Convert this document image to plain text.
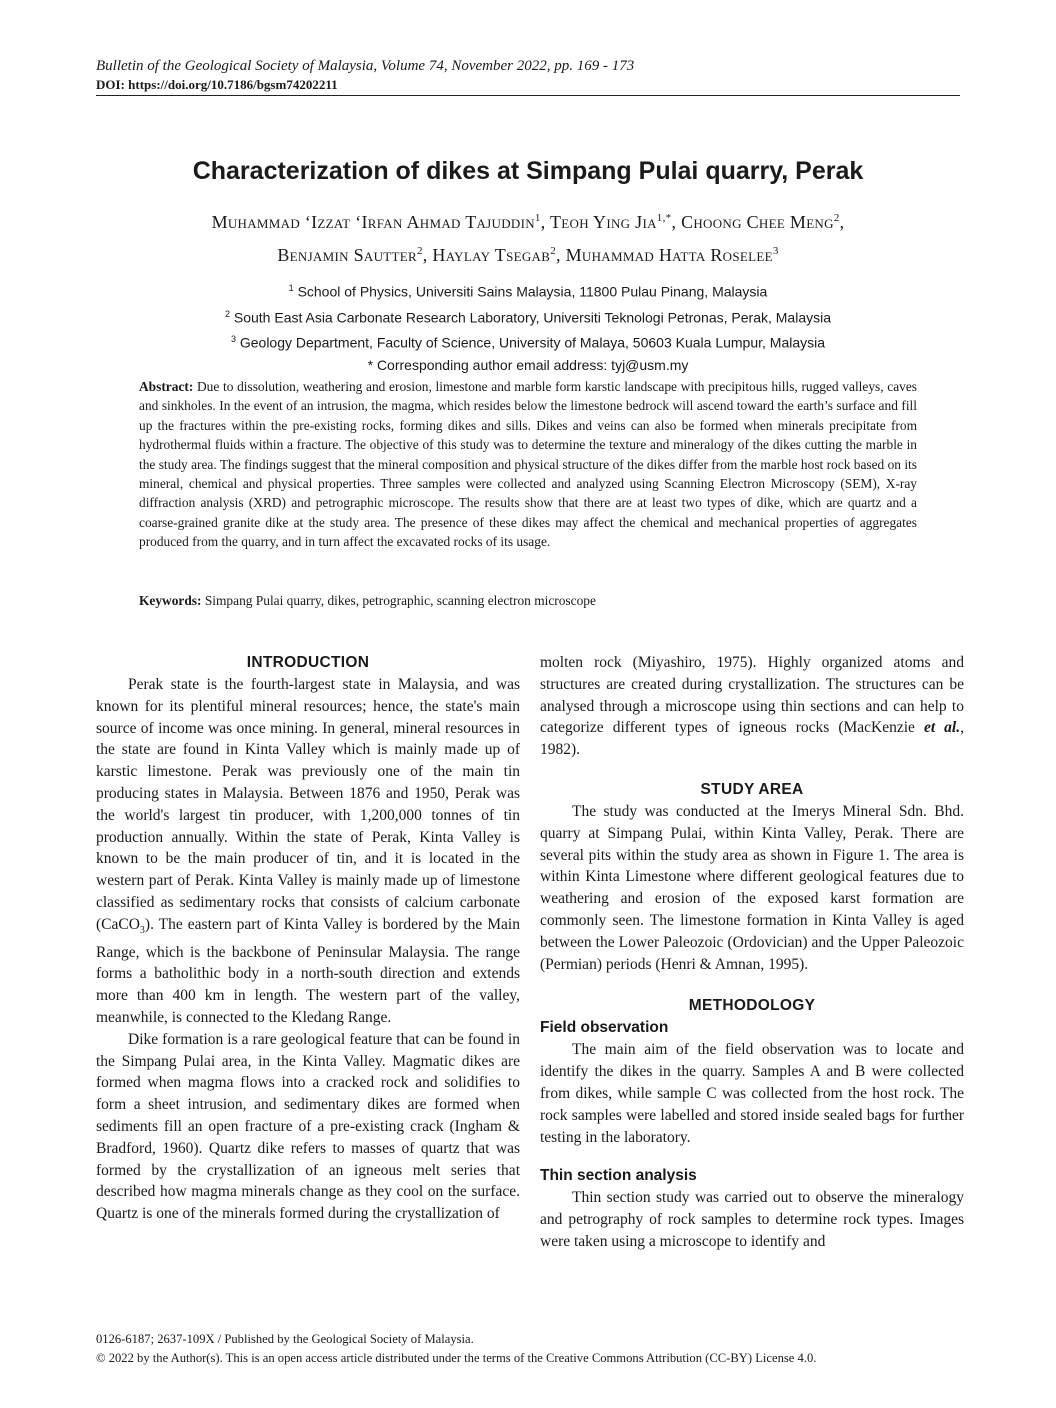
Bulletin of the Geological Society of Malaysia, Volume 74, November 2022, pp. 169 - 173

DOI: https://doi.org/10.7186/bgsm74202211

Characterization of dikes at Simpang Pulai quarry, Perak

Muhammad ‘Izzat ‘Irfan Ahmad Tajuddin$^1$, Teoh Ying Jia$^{1,*}$, Choong Chee Meng$^2$,
Benjamin Sautter$^2$, Haylay Tsegab$^2$, Muhammad Hatta Roselee$^3$

$^1$ School of Physics, Universiti Sains Malaysia, 11800 Pulau Pinang, Malaysia
$^2$ South East Asia Carbonate Research Laboratory, Universiti Teknologi Petronas, Perak, Malaysia
$^3$ Geology Department, Faculty of Science, University of Malaya, 50603 Kuala Lumpur, Malaysia
* Corresponding author email address: tyj@usm.my

Abstract: Due to dissolution, weathering and erosion, limestone and marble form karstic landscape with precipitous hills, rugged valleys, caves and sinkholes. In the event of an intrusion, the magma, which resides below the limestone bedrock will ascend toward the earth’s surface and fill up the fractures within the pre-existing rocks, forming dikes and sills. Dikes and veins can also be formed when minerals precipitate from hydrothermal fluids within a fracture. The objective of this study was to determine the texture and mineralogy of the dikes cutting the marble in the study area. The findings suggest that the mineral composition and physical structure of the dikes differ from the marble host rock based on its mineral, chemical and physical properties. Three samples were collected and analyzed using Scanning Electron Microscopy (SEM), X-ray diffraction analysis (XRD) and petrographic microscope. The results show that there are at least two types of dike, which are quartz and a coarse-grained granite dike at the study area. The presence of these dikes may affect the chemical and mechanical properties of aggregates produced from the quarry, and in turn affect the excavated rocks of its usage.

Keywords: Simpang Pulai quarry, dikes, petrographic, scanning electron microscope

INTRODUCTION

Perak state is the fourth-largest state in Malaysia, and was known for its plentiful mineral resources; hence, the state's main source of income was once mining. In general, mineral resources in the state are found in Kinta Valley which is mainly made up of karstic limestone. Perak was previously one of the main tin producing states in Malaysia. Between 1876 and 1950, Perak was the world's largest tin producer, with 1,200,000 tonnes of tin production annually. Within the state of Perak, Kinta Valley is known to be the main producer of tin, and it is located in the western part of Perak. Kinta Valley is mainly made up of limestone classified as sedimentary rocks that consists of calcium carbonate (CaCO$_3$). The eastern part of Kinta Valley is bordered by the Main Range, which is the backbone of Peninsular Malaysia. The range forms a batholithic body in a north-south direction and extends more than 400 km in length. The western part of the valley, meanwhile, is connected to the Kledang Range.

Dike formation is a rare geological feature that can be found in the Simpang Pulai area, in the Kinta Valley. Magmatic dikes are formed when magma flows into a cracked rock and solidifies to form a sheet intrusion, and sedimentary dikes are formed when sediments fill an open fracture of a pre-existing crack (Ingham & Bradford, 1960). Quartz dike refers to masses of quartz that was formed by the crystallization of an igneous melt series that described how magma minerals change as they cool on the surface. Quartz is one of the minerals formed during the crystallization of

molten rock (Miyashiro, 1975). Highly organized atoms and structures are created during crystallization. The structures can be analysed through a microscope using thin sections and can help to categorize different types of igneous rocks (MacKenzie et al., 1982).

STUDY AREA

The study was conducted at the Imerys Mineral Sdn. Bhd. quarry at Simpang Pulai, within Kinta Valley, Perak. There are several pits within the study area as shown in Figure 1. The area is within Kinta Limestone where different geological features due to weathering and erosion of the exposed karst formation are commonly seen. The limestone formation in Kinta Valley is aged between the Lower Paleozoic (Ordovician) and the Upper Paleozoic (Permian) periods (Henri & Amnan, 1995).

METHODOLOGY
Field observation

The main aim of the field observation was to locate and identify the dikes in the quarry. Samples A and B were collected from dikes, while sample C was collected from the host rock. The rock samples were labelled and stored inside sealed bags for further testing in the laboratory.

Thin section analysis

Thin section study was carried out to observe the mineralogy and petrography of rock samples to determine rock types. Images were taken using a microscope to identify and

0126-6187; 2637-109X / Published by the Geological Society of Malaysia.
© 2022 by the Author(s). This is an open access article distributed under the terms of the Creative Commons Attribution (CC-BY) License 4.0.
